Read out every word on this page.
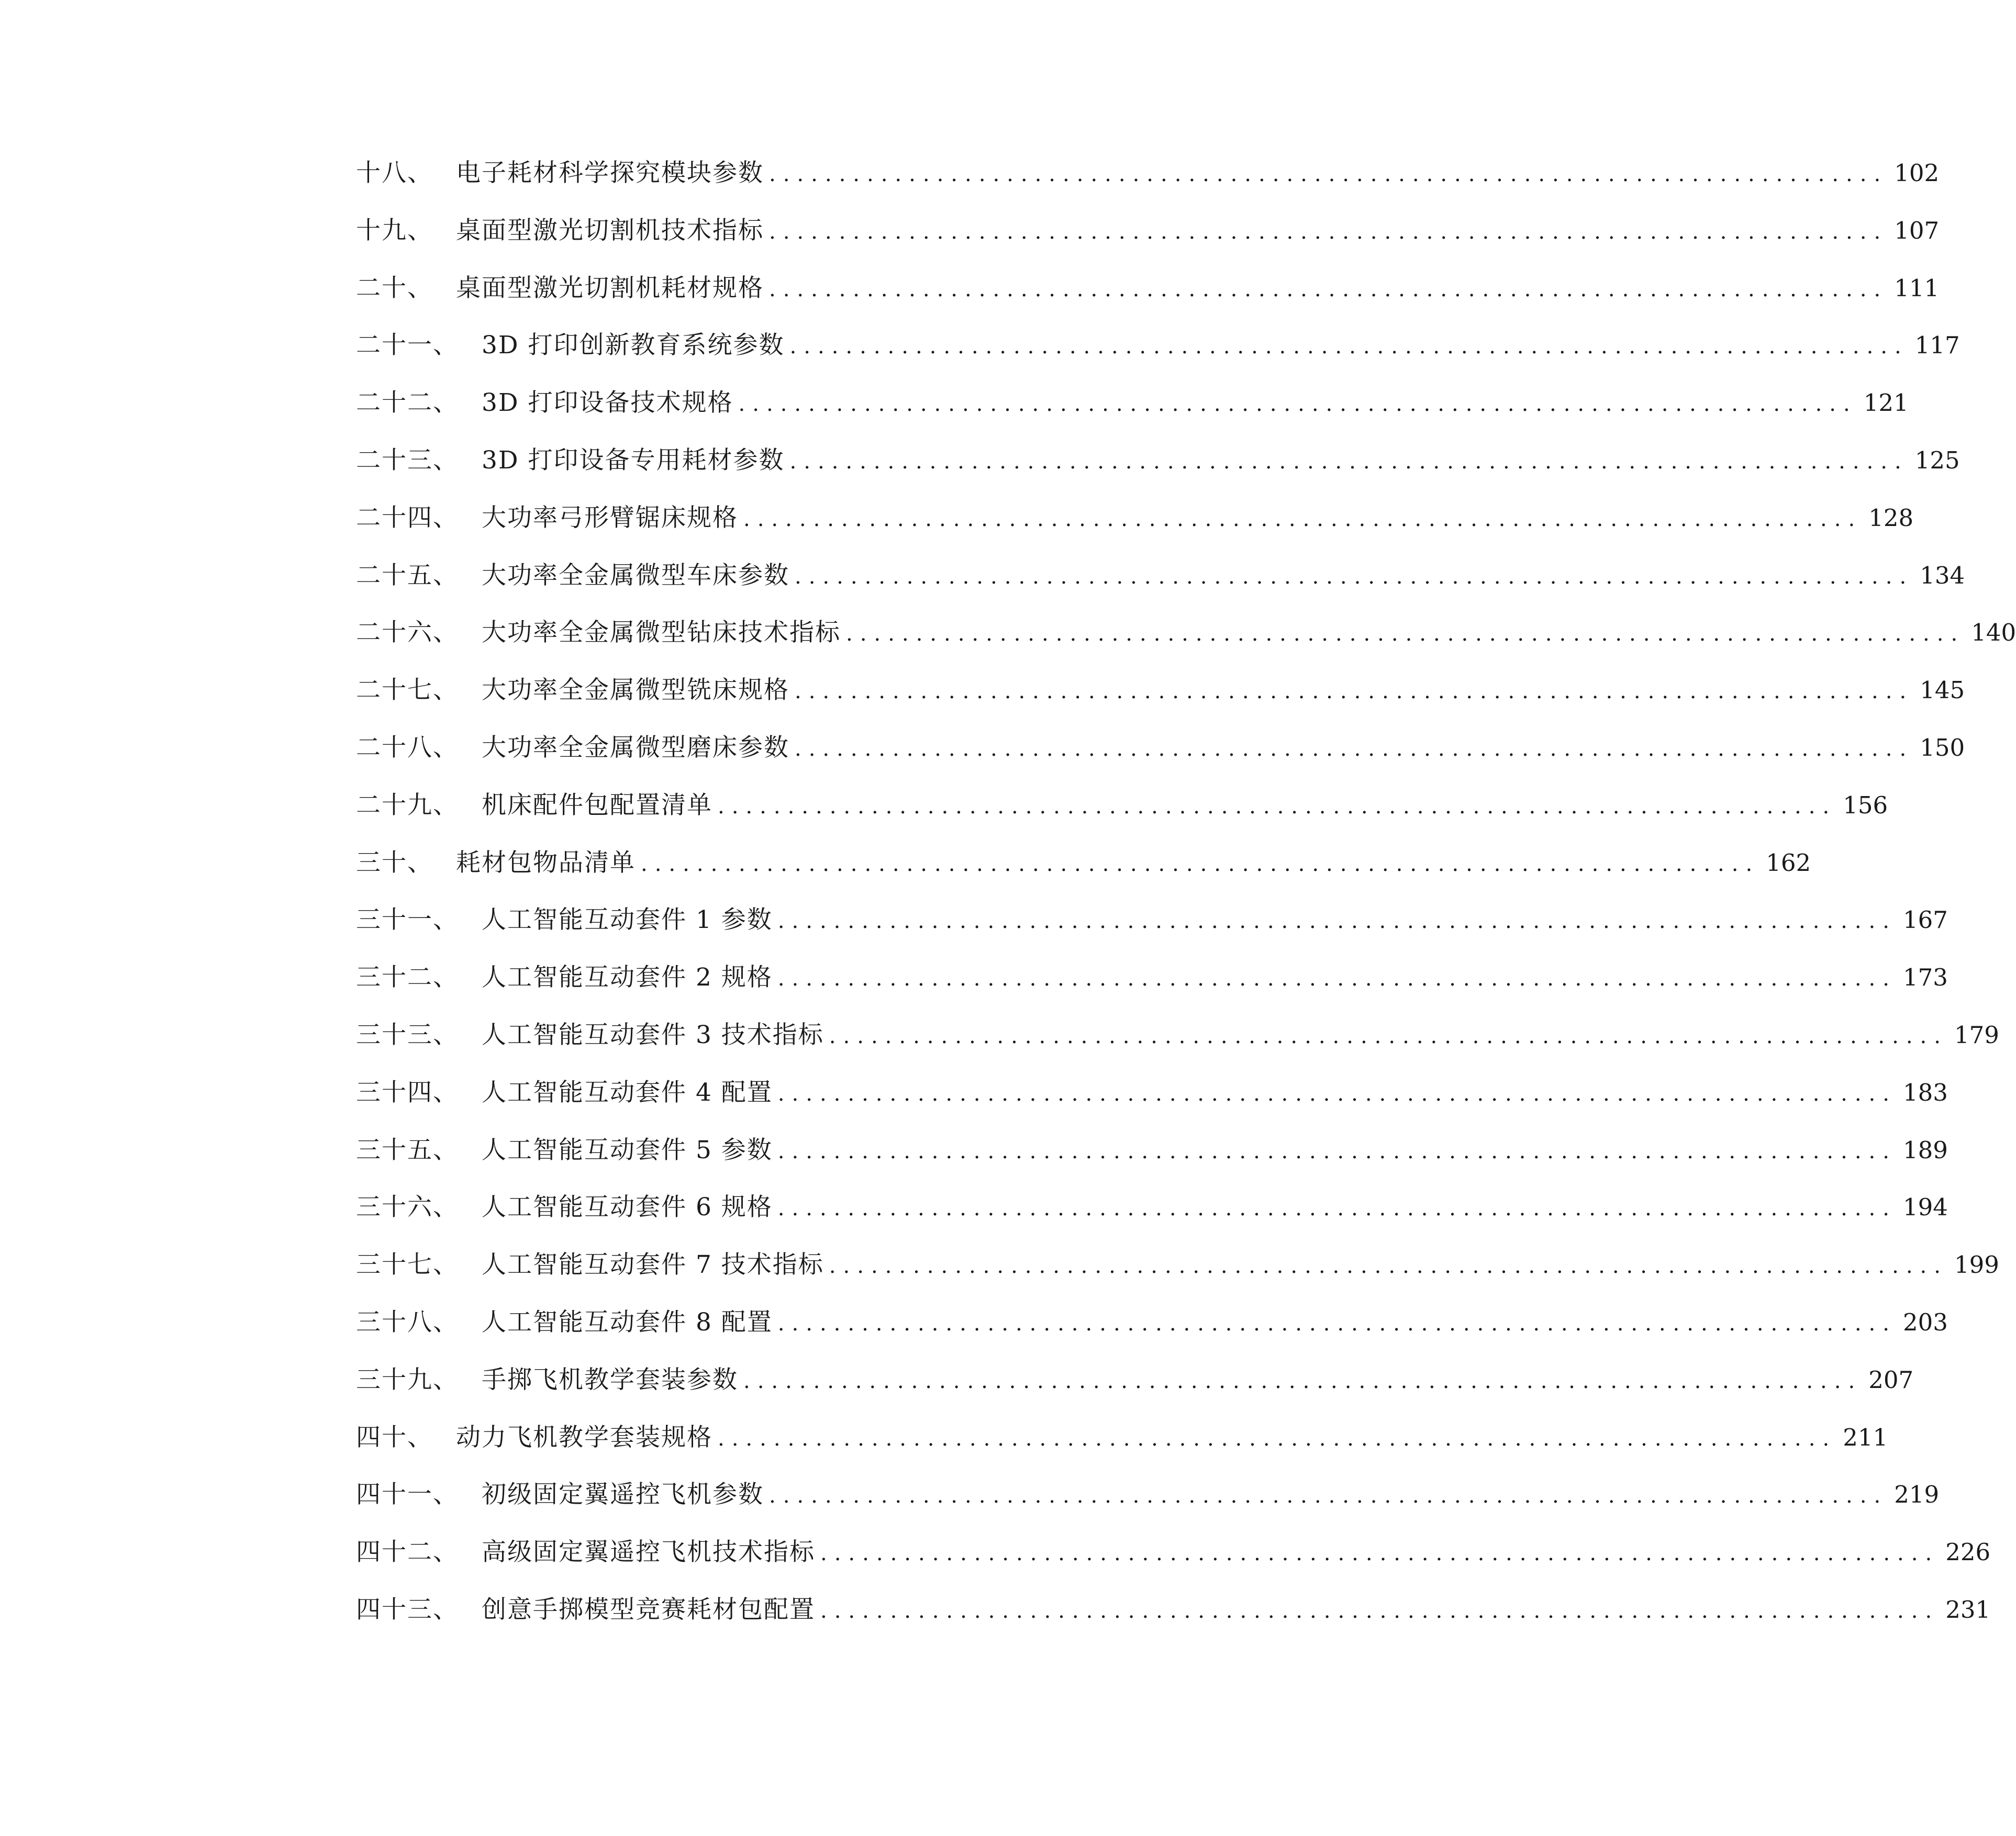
十八、 电子耗材科学探究模块参数 ................................................................................ 102
十九、 桌面型激光切割机技术指标 ................................................................................ 107
二十、 桌面型激光切割机耗材规格 ................................................................................ 111
二十一、 3D 打印创新教育系统参数 ................................................................................ 117
二十二、 3D 打印设备技术规格 ................................................................................ 121
二十三、 3D 打印设备专用耗材参数 ................................................................................ 125
二十四、 大功率弓形臂锯床规格 ................................................................................ 128
二十五、 大功率全金属微型车床参数 ................................................................................ 134
二十六、 大功率全金属微型钻床技术指标 ................................................................................ 140
二十七、 大功率全金属微型铣床规格 ................................................................................ 145
二十八、 大功率全金属微型磨床参数 ................................................................................ 150
二十九、 机床配件包配置清单 ................................................................................ 156
三十、 耗材包物品清单 ................................................................................ 162
三十一、 人工智能互动套件 1 参数 ................................................................................ 167
三十二、 人工智能互动套件 2 规格 ................................................................................ 173
三十三、 人工智能互动套件 3 技术指标 ................................................................................ 179
三十四、 人工智能互动套件 4 配置 ................................................................................ 183
三十五、 人工智能互动套件 5 参数 ................................................................................ 189
三十六、 人工智能互动套件 6 规格 ................................................................................ 194
三十七、 人工智能互动套件 7 技术指标 ................................................................................ 199
三十八、 人工智能互动套件 8 配置 ................................................................................ 203
三十九、 手掷飞机教学套装参数 ................................................................................ 207
四十、 动力飞机教学套装规格 ................................................................................ 211
四十一、 初级固定翼遥控飞机参数 ................................................................................ 219
四十二、 高级固定翼遥控飞机技术指标 ................................................................................ 226
四十三、 创意手掷模型竞赛耗材包配置 ................................................................................ 231
